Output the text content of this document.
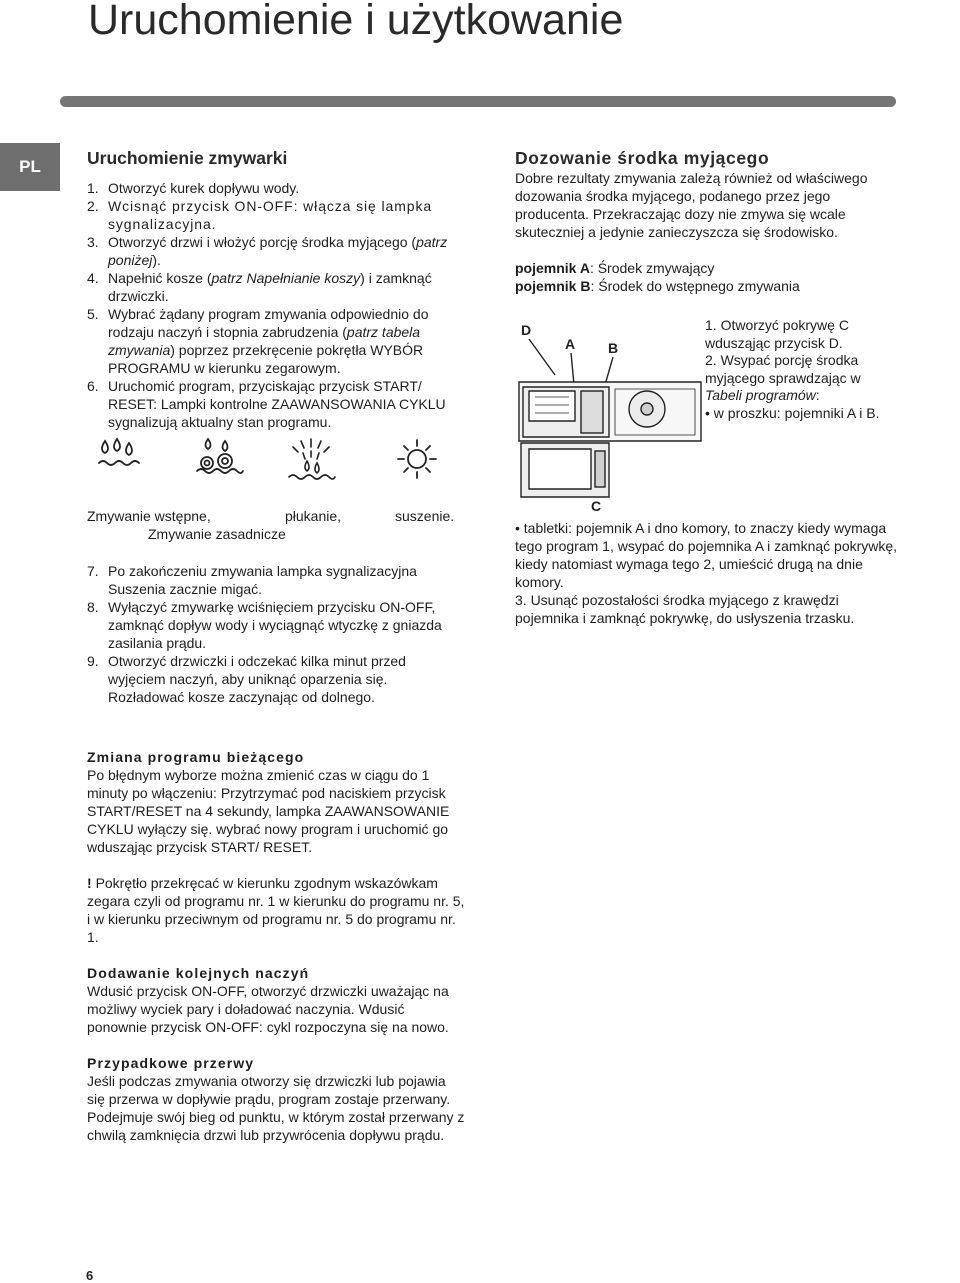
Uruchomienie i użytkowanie
PL	Uruchomienie zmywarki
1. Otworzyć kurek dopływu wody.
2. Wcisnąć przycisk ON-OFF: włącza się lampka sygnalizacyjna.
3. Otworzyć drzwi i włożyć porcję środka myjącego (patrz poniżej).
4. Napełnić kosze (patrz Napełnianie koszy) i zamknąć drzwiczki.
5. Wybrać żądany program zmywania odpowiednio do rodzaju naczyń i stopnia zabrudzenia (patrz tabela zmywania) poprzez przekręcenie pokrętła WYBÓR PROGRAMU w kierunku zegarowym.
6. Uruchomić program, przyciskając przycisk START/ RESET: Lampki kontrolne ZAAWANSOWANIA CYKLU sygnalizują aktualny stan programu.
Zmywanie wstępne,	płukanie,	suszenie.
Zmywanie zasadnicze
7. Po zakończeniu zmywania lampka sygnalizacyjna Suszenia zacznie migać.
8. Wyłączyć zmywarkę wciśnięciem przycisku ON-OFF, zamknąć dopływ wody i wyciągnąć wtyczkę z gniazda zasilania prądu.
9. Otworzyć drzwiczki i odczekać kilka minut przed wyjęciem naczyń, aby uniknąć oparzenia się. Rozładować kosze zaczynając od dolnego.
Zmiana programu bieżącego

Po błędnym wyborze można zmienić czas w ciągu do 1 minuty po włączeniu: Przytrzymać pod naciskiem przycisk START/RESET na 4 sekundy, lampka ZAAWANSOWANIE CYKLU wyłączy się. wybrać nowy program i uruchomić go wdusząjąc przycisk START/ RESET.

! Pokrętło przekręcać w kierunku zgodnym wskazówkam zegara czyli od programu nr. 1 w kierunku do programu nr. 5, i w kierunku przeciwnym od programu nr. 5 do programu nr. 1.

Dodawanie kolejnych naczyń

Wdusić przycisk ON-OFF, otworzyć drzwiczki uważając na możliwy wyciek pary i doładować naczynia. Wdusić ponownie przycisk ON-OFF: cykl rozpoczyna się na nowo.

Przypadkowe przerwy

Jeśli podczas zmywania otworzy się drzwiczki lub pojawia się przerwa w dopływie prądu, program zostaje przerwany. Podejmuje swój bieg od punktu, w którym został przerwany z chwilą zamknięcia drzwi lub przywrócenia dopływu prądu.

Dozowanie środka myjącego

Dobre rezultaty zmywania zależą również od właściwego dozowania środka myjącego, podanego przez jego producenta. Przekraczając dozy nie zmywa się wcale skuteczniej a jedynie zanieczyszcza się środowisko.

pojemnik A: Środek zmywający

pojemnik B: Środek do wstępnego zmywania

D
A B
C

1. Otworzyć pokrywę C wdusząjąc przycisk D.

2. Wsypać porcję środka myjącego sprawdzając w Tabeli programów:

• w proszku: pojemniki A i B.

• tabletki: pojemnik A i dno komory, to znaczy kiedy wymaga tego program 1, wsypać do pojemnika A i zamknąć pokrywkę, kiedy natomiast wymaga tego 2, umieścić drugą na dnie komory.

3. Usunąć pozostałości środka myjącego z krawędzi pojemnika i zamknąć pokrywkę, do usłyszenia trzasku.

6
